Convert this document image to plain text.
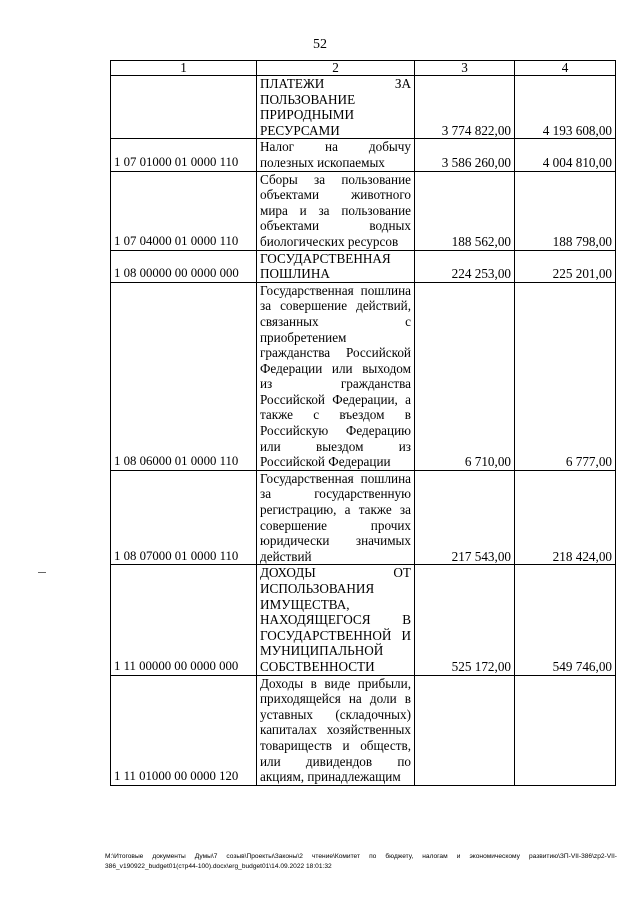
52
1	2	3	4
	ПЛАТЕЖИ ЗА ПОЛЬЗОВАНИЕ ПРИРОДНЫМИ РЕСУРСАМИ	3 774 822,00	4 193 608,00
1 07 01000 01 0000 110	Налог на добычу полезных ископаемых	3 586 260,00	4 004 810,00
1 07 04000 01 0000 110	Сборы за пользование объектами животного мира и за пользование объектами водных биологических ресурсов	188 562,00	188 798,00
1 08 00000 00 0000 000	ГОСУДАРСТВЕННАЯ ПОШЛИНА	224 253,00	225 201,00
1 08 06000 01 0000 110	Государственная пошлина за совершение действий, связанных с приобретением гражданства Российской Федерации или выходом из гражданства Российской Федерации, а также с въездом в Российскую Федерацию или выездом из Российской Федерации	6 710,00	6 777,00
1 08 07000 01 0000 110	Государственная пошлина за государственную регистрацию, а также за совершение прочих юридически значимых действий	217 543,00	218 424,00
1 11 00000 00 0000 000	ДОХОДЫ ОТ ИСПОЛЬЗОВАНИЯ ИМУЩЕСТВА, НАХОДЯЩЕГОСЯ В ГОСУДАРСТВЕННОЙ И МУНИЦИПАЛЬНОЙ СОБСТВЕННОСТИ	525 172,00	549 746,00
1 11 01000 00 0000 120	Доходы в виде прибыли, приходящейся на доли в уставных (складочных) капиталах хозяйственных товариществ и обществ, или дивидендов по акциям, принадлежащим		
М:\Итоговые документы Думы\7 созыв\Проекты\Законы\2 чтение\Комитет по бюджету, налогам и экономическому развитию\ЗП-VII-386\zp2-VII-386_v190922_budget01(стр44-100).docx\erg_budget01\14.09.2022 18:01:32
